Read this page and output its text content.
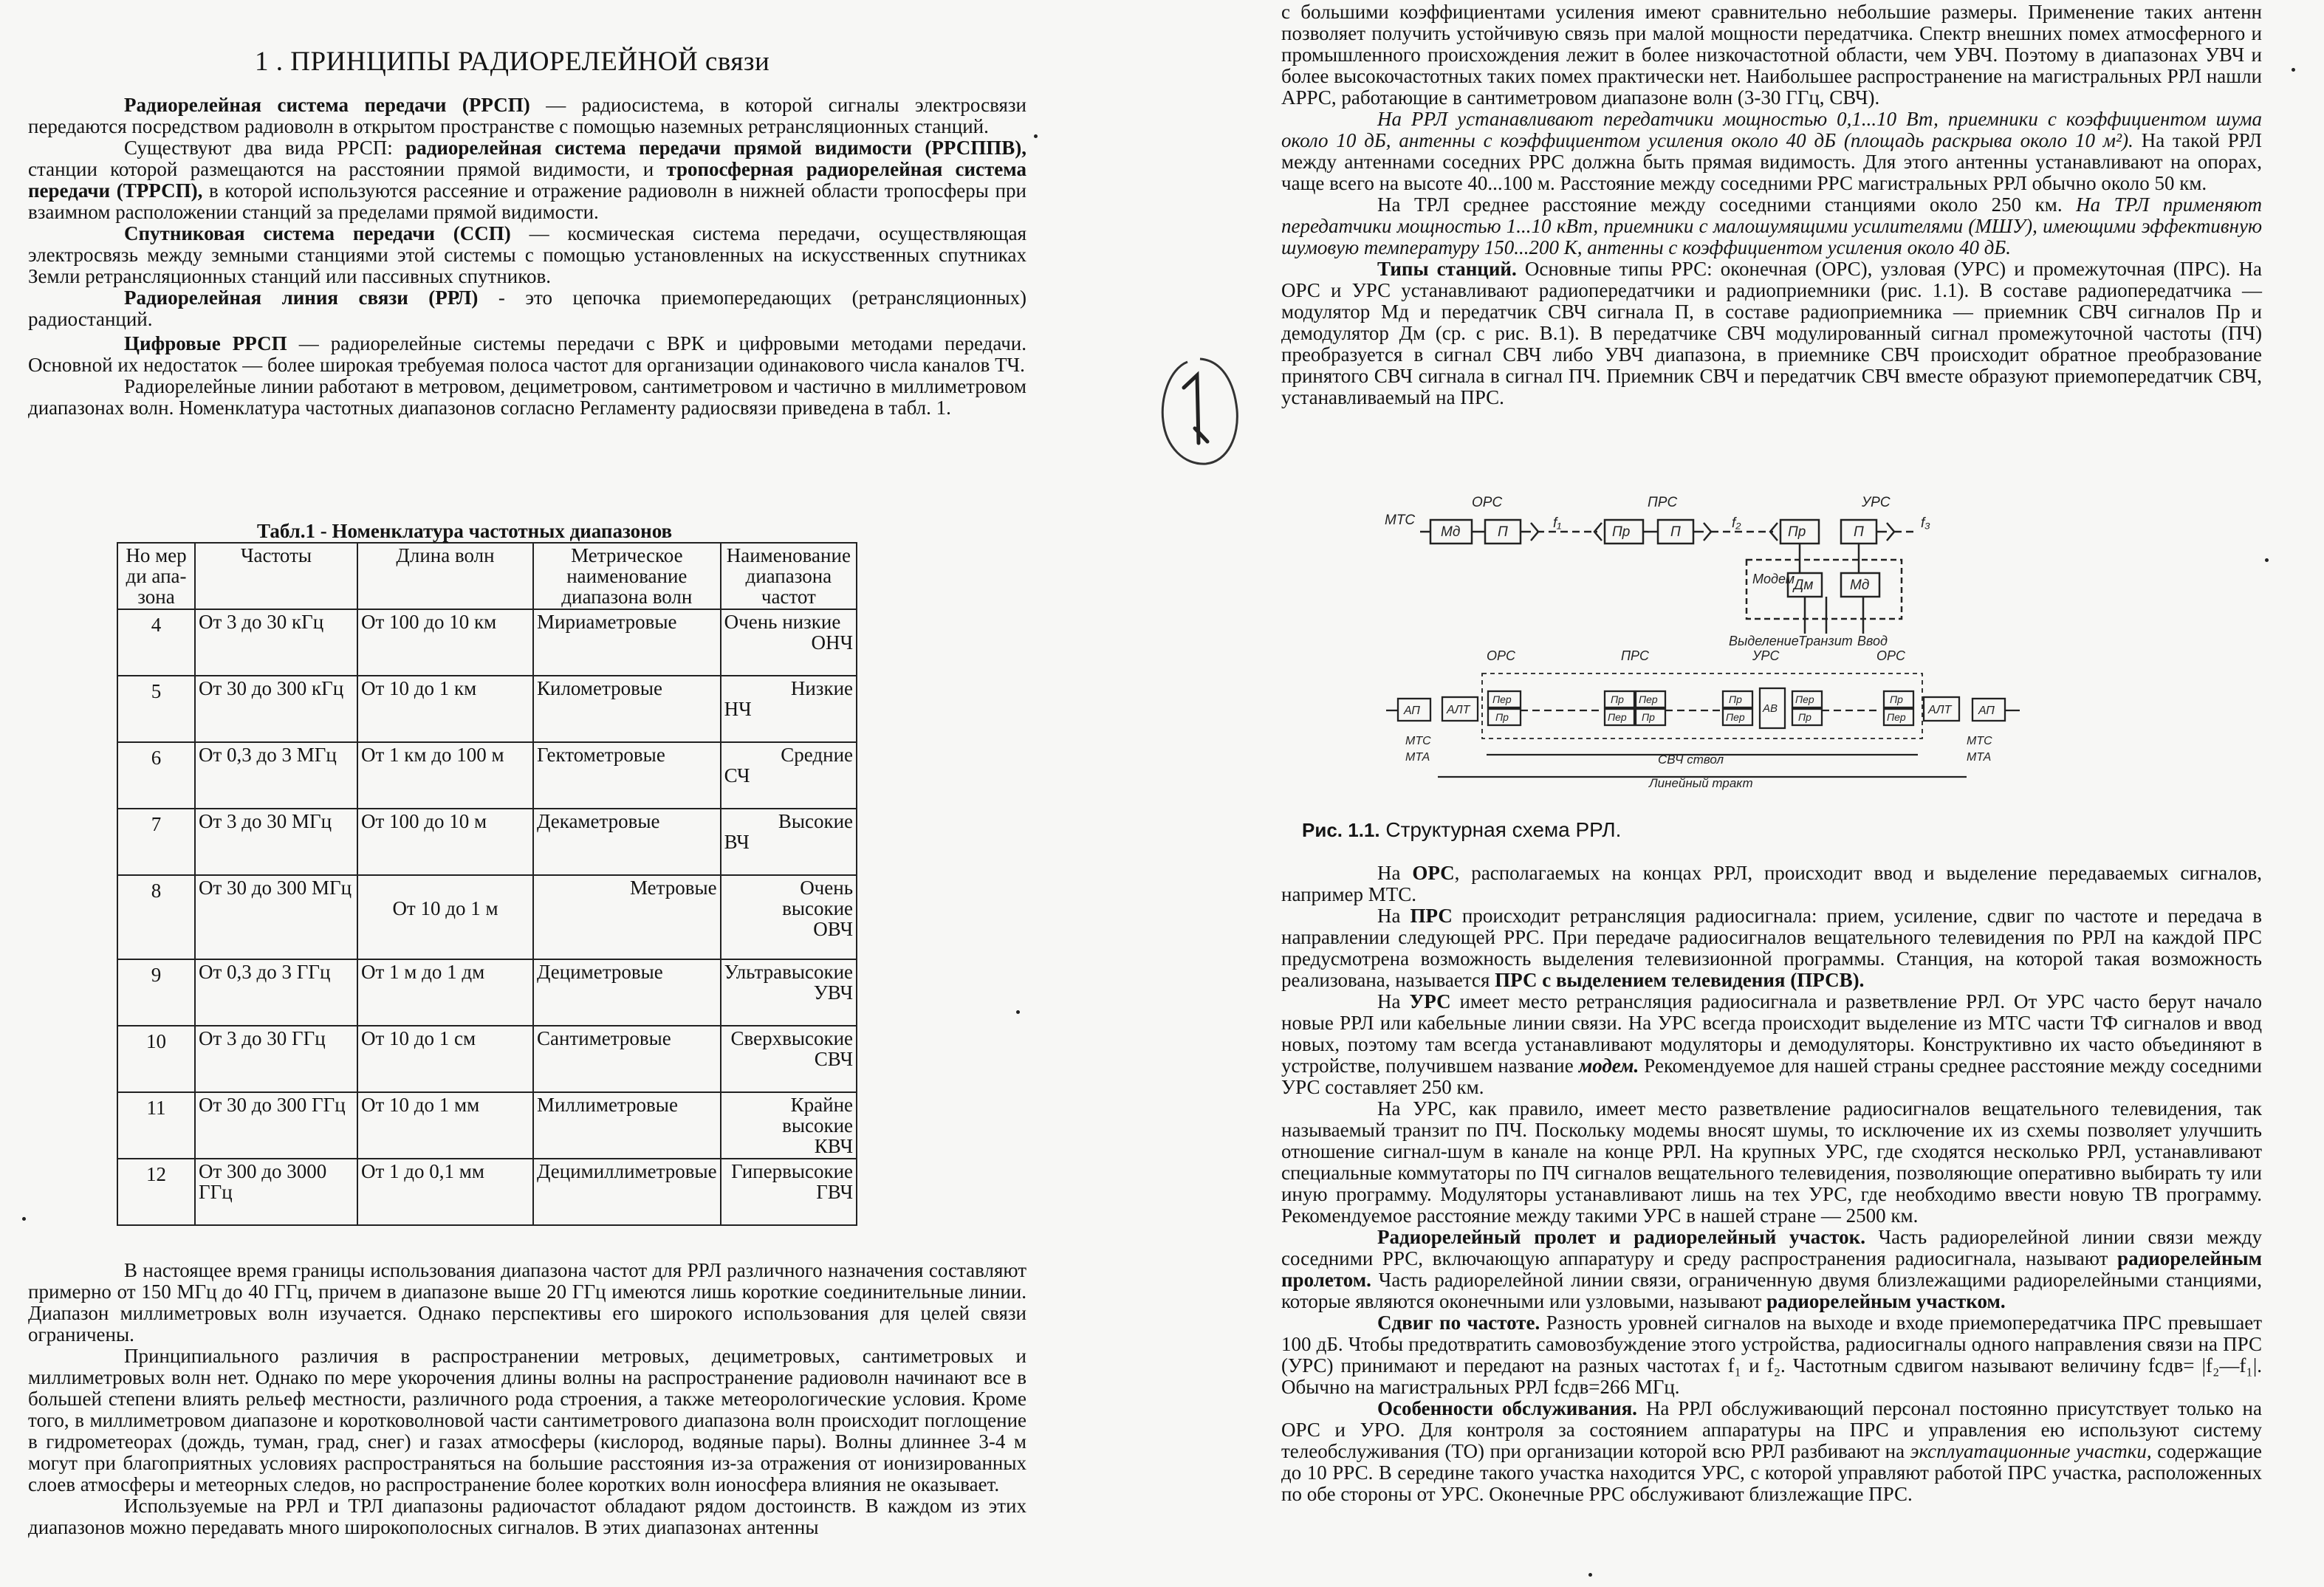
1 . ПРИНЦИПЫ РАДИОРЕЛЕЙНОЙ связи

Радиорелейная система передачи (РРСП) — радиосистема, в которой сигналы электросвязи передаются посредством радиоволн в открытом пространстве с помощью наземных ретрансляционных станций.

Существуют два вида РРСП: радиорелейная система передачи прямой видимости (РРСППВ), станции которой размещаются на расстоянии прямой видимости, и тропосферная радиорелейная система передачи (ТРРСП), в которой используются рассеяние и отражение радиоволн в нижней области тропосферы при взаимном расположении станций за пределами прямой видимости.

Спутниковая система передачи (ССП) — космическая система передачи, осуществляющая электросвязь между земными станциями этой системы с помощью установленных на искусственных спутниках Земли ретрансляционных станций или пассивных спутников.

Радиорелейная линия связи (РРЛ) - это цепочка приемопередающих (ретрансляционных) радиостанций.

Цифровые РРСП — радиорелейные системы передачи с ВРК и цифровыми методами передачи. Основной их недостаток — более широкая требуемая полоса частот для организации одинакового числа каналов ТЧ.

Радиорелейные линии работают в метровом, дециметровом, сантиметровом и частично в миллиметровом диапазонах волн. Номенклатура частотных диапазонов согласно Регламенту радиосвязи приведена в табл. 1.

Табл.1 - Номенклатура частотных диапазонов
Но мер ди апа- зона	Частоты	Длина волн	Метрическое наименование диапазона волн	Наименование диапазона частот
4	От 3 до 30 кГц	От 100 до 10 км	Мириаметровые	Очень низкие
ОНЧ

5	От 30 до 300 кГц	От 10 до 1 км	Километровые	Низкие
НЧ

6	От 0,3 до 3 МГц	От 1 км до 100 м	Гектометровые	Средние
СЧ

7	От 3 до 30 МГц	От 100 до 10 м	Декаметровые	Высокие
ВЧ

8	От 30 до 300 МГц	От 10 до 1 м	Метровые	Очень высокие
ОВЧ

9	От 0,3 до 3 ГГц	От 1 м до 1 дм	Дециметровые	Ультравысокие
УВЧ

10	От 3 до 30 ГГц	От 10 до 1 см	Сантиметровые	Сверхвысокие
СВЧ

11	От 30 до 300 ГГц	От 10 до 1 мм	Миллиметровые	Крайне высокие
КВЧ

12	От 300 до 3000 ГГц	От 1 до 0,1 мм	Децимиллиметровые	Гипервысокие
ГВЧ

В настоящее время границы использования диапазона частот для РРЛ различного назначения составляют примерно от 150 МГц до 40 ГГц, причем в диапазоне выше 20 ГГц имеются лишь короткие соединительные линии. Диапазон миллиметровых волн изучается. Однако перспективы его широкого использования для целей связи ограничены.

Принципиального различия в распространении метровых, дециметровых, сантиметровых и миллиметровых волн нет. Однако по мере укорочения длины волны на распространение радиоволн начинают все в большей степени влиять рельеф местности, различного рода строения, а также метеорологические условия. Кроме того, в миллиметровом диапазоне и коротковолновой части сантиметрового диапазона волн происходит поглощение в гидрометеорах (дождь, туман, град, снег) и газах атмосферы (кислород, водяные пары). Волны длиннее 3-4 м могут при благоприятных условиях распространяться на большие расстояния из-за отражения от ионизированных слоев атмосферы и метеорных следов, но распространение более коротких волн ионосфера влияния не оказывает.

Используемые на РРЛ и ТРЛ диапазоны радиочастот обладают рядом достоинств. В каждом из этих диапазонов можно передавать много широкополосных сигналов. В этих диапазонах антенны

с большими коэффициентами усиления имеют сравнительно небольшие размеры. Применение таких антенн позволяет получить устойчивую связь при малой мощности передатчика. Спектр внешних помех атмосферного и промышленного происхождения лежит в более низкочастотной области, чем УВЧ. Поэтому в диапазонах УВЧ и более высокочастотных таких помех практически нет. Наибольшее распространение на магистральных РРЛ нашли АРРС, работающие в сантиметровом диапазоне волн (3-30 ГГц, СВЧ).

На РРЛ устанавливают передатчики мощностью 0,1...10 Вт, приемники с коэффициентом шума около 10 дБ, антенны с коэффициентом усиления около 40 дБ (площадь раскрыва около 10 м²). На такой РРЛ между антеннами соседних РРС должна быть прямая видимость. Для этого антенны устанавливают на опорах, чаще всего на высоте 40...100 м. Расстояние между соседними РРС магистральных РРЛ обычно около 50 км.

На ТРЛ среднее расстояние между соседними станциями около 250 км. На ТРЛ применяют передатчики мощностью 1...10 кВт, приемники с малошумящими усилителями (МШУ), имеющими эффективную шумовую температуру 150...200 К, антенны с коэффициентом усиления около 40 дБ.

Типы станций. Основные типы РРС: оконечная (ОРС), узловая (УРС) и промежуточная (ПРС). На ОРС и УРС устанавливают радиопередатчики и радиоприемники (рис. 1.1). В составе радиопередатчика —модулятор Мд и передатчик СВЧ сигнала П, в составе радиоприемника — приемник СВЧ сигналов Пр и демодулятор Дм (ср. с рис. В.1). В передатчике СВЧ модулированный сигнал промежуточной частоты (ПЧ) преобразуется в сигнал СВЧ либо УВЧ диапазона, в приемнике СВЧ происходит обратное преобразование принятого СВЧ сигнала в сигнал ПЧ. Приемник СВЧ и передатчик СВЧ вместе образуют приемопередатчик СВЧ, устанавливаемый на ПРС.

МТС
ОРС	ПРС	УРС
Мд	П
f₁
Пр	П
f₂
Пр	П
f₃
Модем
Дм	Мд
Выделение Транзит Ввод
ОРС	ПРС	УРС	ОРС
АП АЛТ
Пер
Пр
Пр Пер
Пер Пр
Пр
Пер
АВ
Пер
Пр
Пр
Пер
АЛТ АП
МТС
МТА
МТС
МТА
СВЧ ствол
Линейный тракт
Рис. 1.1. Структурная схема РРЛ.

На ОРС, располагаемых на концах РРЛ, происходит ввод и выделение передаваемых сигналов, например МТС.

На ПРС происходит ретрансляция радиосигнала: прием, усиление, сдвиг по частоте и передача в направлении следующей РРС. При передаче радиосигналов вещательного телевидения по РРЛ на каждой ПРС предусмотрена возможность выделения телевизионной программы. Станция, на которой такая возможность реализована, называется ПРС с выделением телевидения (ПРСВ).

На УРС имеет место ретрансляция радиосигнала и разветвление РРЛ. От УРС часто берут начало новые РРЛ или кабельные линии связи. На УРС всегда происходит выделение из МТС части ТФ сигналов и ввод новых, поэтому там всегда устанавливают модуляторы и демодуляторы. Конструктивно их часто объединяют в устройстве, получившем название модем. Рекомендуемое для нашей страны среднее расстояние между соседними УРС составляет 250 км.

На УРС, как правило, имеет место разветвление радиосигналов вещательного телевидения, так называемый транзит по ПЧ. Поскольку модемы вносят шумы, то исключение их из схемы позволяет улучшить отношение сигнал-шум в канале на конце РРЛ. На крупных УРС, где сходятся несколько РРЛ, устанавливают специальные коммутаторы по ПЧ сигналов вещательного телевидения, позволяющие оперативно выбирать ту или иную программу. Модуляторы устанавливают лишь на тех УРС, где необходимо ввести новую ТВ программу. Рекомендуемое расстояние между такими УРС в нашей стране — 2500 км.

Радиорелейный пролет и радиорелейный участок. Часть радиорелейной линии связи между соседними РРС, включающую аппаратуру и среду распространения радиосигнала, называют радиорелейным пролетом. Часть радиорелейной линии связи, ограниченную двумя близлежащими радиорелейными станциями, которые являются оконечными или узловыми, называют радиорелейным участком.

Сдвиг по частоте. Разность уровней сигналов на выходе и входе приемопередатчика ПРС превышает 100 дБ. Чтобы предотвратить самовозбуждение этого устройства, радиосигналы одного направления связи на ПРС (УРС) принимают и передают на разных частотах f₁ и f₂. Частотным сдвигом называют величину fсдв= |f₂—f₁|. Обычно на магистральных РРЛ fсдв=266 МГц.

Особенности обслуживания. На РРЛ обслуживающий персонал постоянно присутствует только на ОРС и УРО. Для контроля за состоянием аппаратуры на ПРС и управления ею используют систему телеобслуживания (ТО) при организации которой всю РРЛ разбивают на эксплуатационные участки, содержащие до 10 РРС. В середине такого участка находится УРС, с которой управляют работой ПРС участка, расположенных по обе стороны от УРС. Оконечные РРС обслуживают близлежащие ПРС.
